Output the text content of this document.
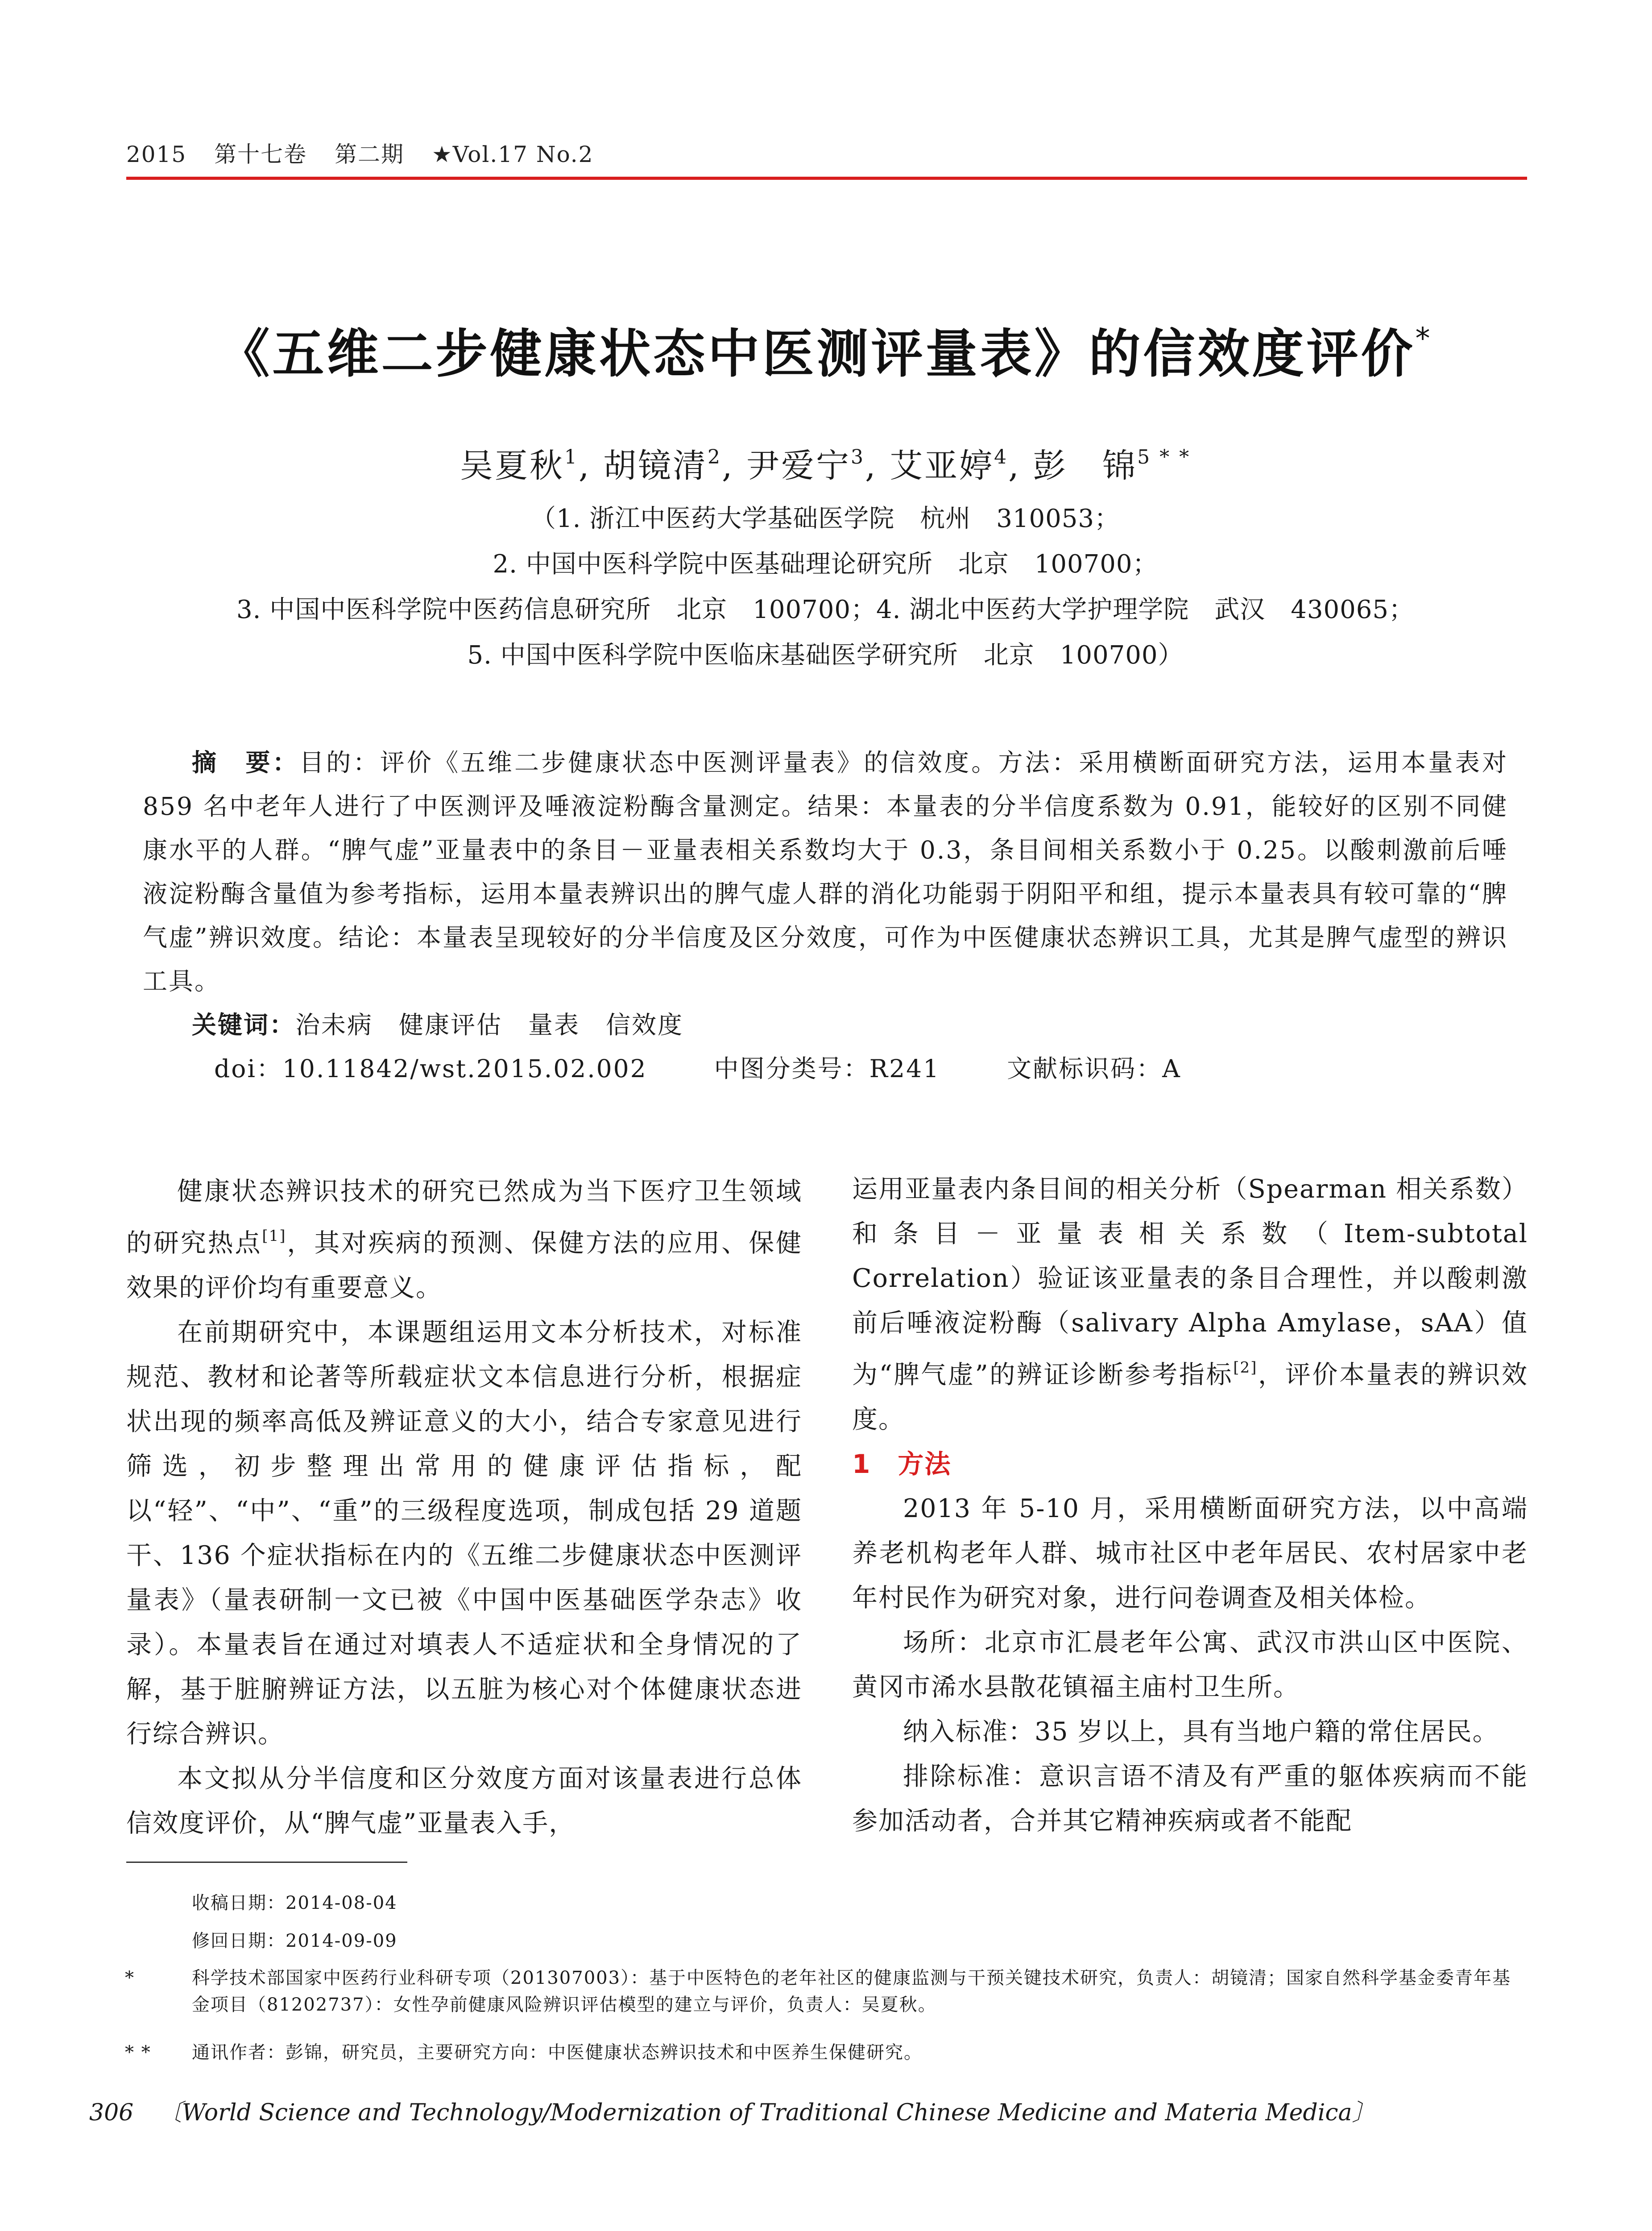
2015 第十七卷 第二期 ★Vol.17 No.2
《五维二步健康状态中医测评量表》的信效度评价*
吴夏秋$^1$, 胡镜清$^2$, 尹爱宁$^3$, 艾亚婷$^4$, 彭　锦$^{5 * *}$
（1. 浙江中医药大学基础医学院　杭州　310053；
2. 中国中医科学院中医基础理论研究所　北京　100700；
3. 中国中医科学院中医药信息研究所　北京　100700；4. 湖北中医药大学护理学院　武汉　430065；
5. 中国中医科学院中医临床基础医学研究所　北京　100700）

摘　要：目的：评价《五维二步健康状态中医测评量表》的信效度。方法：采用横断面研究方法，运用本量表对 859 名中老年人进行了中医测评及唾液淀粉酶含量测定。结果：本量表的分半信度系数为 0.91，能较好的区别不同健康水平的人群。“脾气虚”亚量表中的条目－亚量表相关系数均大于 0.3，条目间相关系数小于 0.25。以酸刺激前后唾液淀粉酶含量值为参考指标，运用本量表辨识出的脾气虚人群的消化功能弱于阴阳平和组，提示本量表具有较可靠的“脾气虚”辨识效度。结论：本量表呈现较好的分半信度及区分效度，可作为中医健康状态辨识工具，尤其是脾气虚型的辨识工具。

关键词：治未病　健康评估　量表　信效度

doi：10.11842/wst.2015.02.002	中图分类号：R241	文献标识码：A

健康状态辨识技术的研究已然成为当下医疗卫生领域的研究热点[1]，其对疾病的预测、保健方法的应用、保健效果的评价均有重要意义。

在前期研究中，本课题组运用文本分析技术，对标准规范、教材和论著等所载症状文本信息进行分析，根据症状出现的频率高低及辨证意义的大小，结合专家意见进行筛选，初步整理出常用的健康评估指标，配以“轻”、“中”、“重”的三级程度选项，制成包括 29 道题干、136 个症状指标在内的《五维二步健康状态中医测评量表》（量表研制一文已被《中国中医基础医学杂志》收录）。本量表旨在通过对填表人不适症状和全身情况的了解，基于脏腑辨证方法，以五脏为核心对个体健康状态进行综合辨识。

本文拟从分半信度和区分效度方面对该量表进行总体信效度评价，从“脾气虚”亚量表入手，

运用亚量表内条目间的相关分析（Spearman 相关系数）和条目－亚量表相关系数（Item-subtotal Correlation）验证该亚量表的条目合理性，并以酸刺激前后唾液淀粉酶（salivary Alpha Amylase，sAA）值为“脾气虚”的辨证诊断参考指标[2]，评价本量表的辨识效度。

1 方法

2013 年 5-10 月，采用横断面研究方法，以中高端养老机构老年人群、城市社区中老年居民、农村居家中老年村民作为研究对象，进行问卷调查及相关体检。

场所：北京市汇晨老年公寓、武汉市洪山区中医院、黄冈市浠水县散花镇福主庙村卫生所。

纳入标准：35 岁以上，具有当地户籍的常住居民。

排除标准：意识言语不清及有严重的躯体疾病而不能参加活动者，合并其它精神疾病或者不能配

收稿日期：2014-08-04
修回日期：2014-09-09
*	科学技术部国家中医药行业科研专项（201307003）：基于中医特色的老年社区的健康监测与干预关键技术研究，负责人：胡镜清；国家自然科学基金委青年基金项目（81202737）：女性孕前健康风险辨识评估模型的建立与评价，负责人：吴夏秋。
* * 通讯作者：彭锦，研究员，主要研究方向：中医健康状态辨识技术和中医养生保健研究。
306 〔World Science and Technology/Modernization of Traditional Chinese Medicine and Materia Medica〕
